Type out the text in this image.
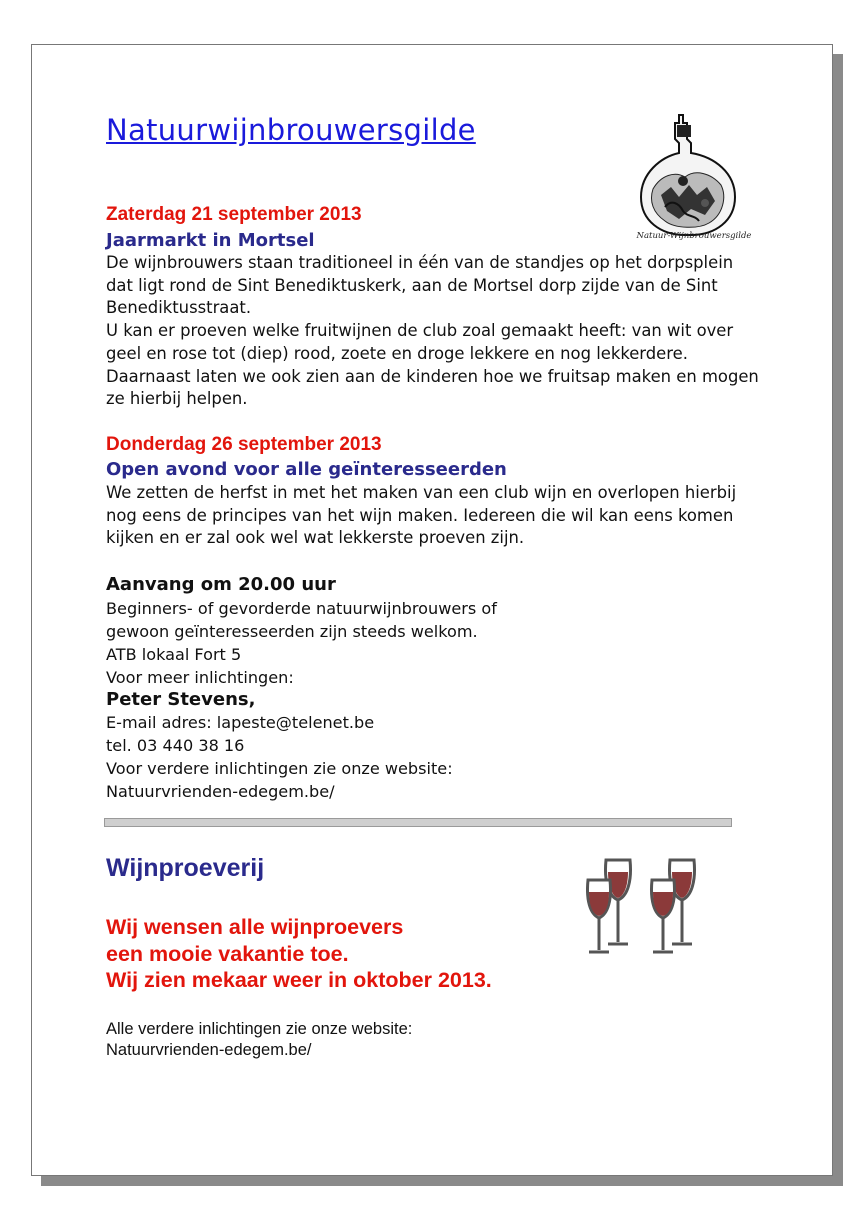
Natuurwijnbrouwersgilde
Natuur-Wijnbrouwersgilde
Zaterdag 21 september 2013
Jaarmarkt in Mortsel
De wijnbrouwers staan traditioneel in één van de standjes op het dorpsplein
dat ligt rond de Sint Benediktuskerk, aan de Mortsel dorp zijde van de Sint
Benediktusstraat.
U kan er proeven welke fruitwijnen de club zoal gemaakt heeft: van wit over
geel en rose tot (diep) rood, zoete en droge lekkere en nog lekkerdere.
Daarnaast laten we ook zien aan de kinderen hoe we fruitsap maken en mogen
ze hierbij helpen.
Donderdag 26 september 2013
Open avond voor alle geïnteresseerden
We zetten de herfst in met het maken van een club wijn en overlopen hierbij
nog eens de principes van het wijn maken. Iedereen die wil kan eens komen
kijken en er zal ook wel wat lekkerste proeven zijn.
Aanvang om 20.00 uur
Beginners- of gevorderde natuurwijnbrouwers of
gewoon geïnteresseerden zijn steeds welkom.
ATB lokaal Fort 5
Voor meer inlichtingen:
Peter Stevens,
E-mail adres: lapeste@telenet.be
tel. 03 440 38 16
Voor verdere inlichtingen zie onze website:
Natuurvrienden-edegem.be/
Wijnproeverij
Wij wensen alle wijnproevers
een mooie vakantie toe.
Wij zien mekaar weer in oktober 2013.
Alle verdere inlichtingen zie onze website:
Natuurvrienden-edegem.be/
